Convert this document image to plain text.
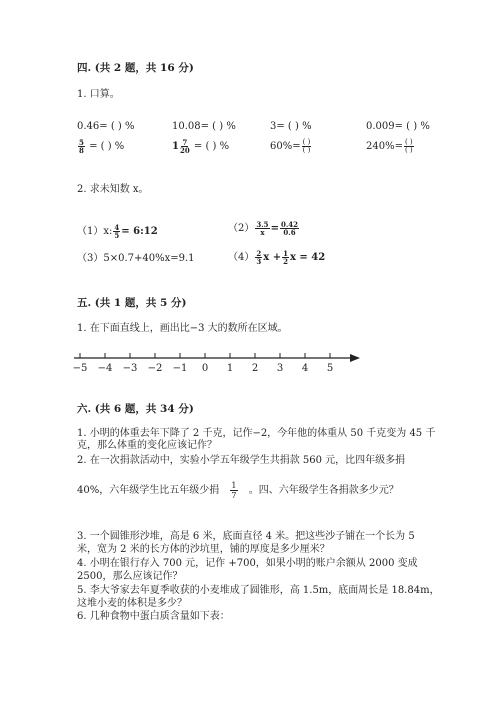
四. (共 2 题，共 16 分)
1. 口算。
0.46= ( ) %	10.08= ( ) %	3= ( ) %	0.009= ( ) %
$\frac{5}{8}$ = ( ) %	$1 \frac{7}{20}$ = ( ) %	$60\%= \frac{( )}{( )}$	$240\%= \frac{( )}{( )}$
2. 求未知数 x。
（1）x: $\frac{4}{5}$ = 6:12	$(2) \frac{3.5}{x} = \frac{0.42}{0.6}$
（3）5×0.7+40%x=9.1	$(4) \frac{2}{3}$ $x + \frac{1}{2}$ x = 42
五. (共 1 题，共 5 分)
1. 在下面直线上，画出比−3 大的数所在区域。
−5 −4 −3 −2 −1 0 1 2 3 4 5
六. (共 6 题，共 34 分)
1. 小明的体重去年下降了 2 千克，记作−2，今年他的体重从 50 千克变为 45 千
克，那么体重的变化应该记作？
2. 在一次捐款活动中，实验小学五年级学生共捐款 560 元，比四年级多捐
40%，六年级学生比五年级少捐 $\frac{1}{7}$ 。四、六年级学生各捐款多少元？
3. 一个圆锥形沙堆，高是 6 米，底面直径 4 米。把这些沙子铺在一个长为 5
米，宽为 2 米的长方体的沙坑里，铺的厚度是多少厘米？
4. 小明在银行存入 700 元，记作 +700，如果小明的账户余额从 2000 变成
2500，那么应该记作？
5. 李大爷家去年夏季收获的小麦堆成了圆锥形，高 1.5m，底面周长是 18.84m，
这堆小麦的体积是多少？
6. 几种食物中蛋白质含量如下表：
